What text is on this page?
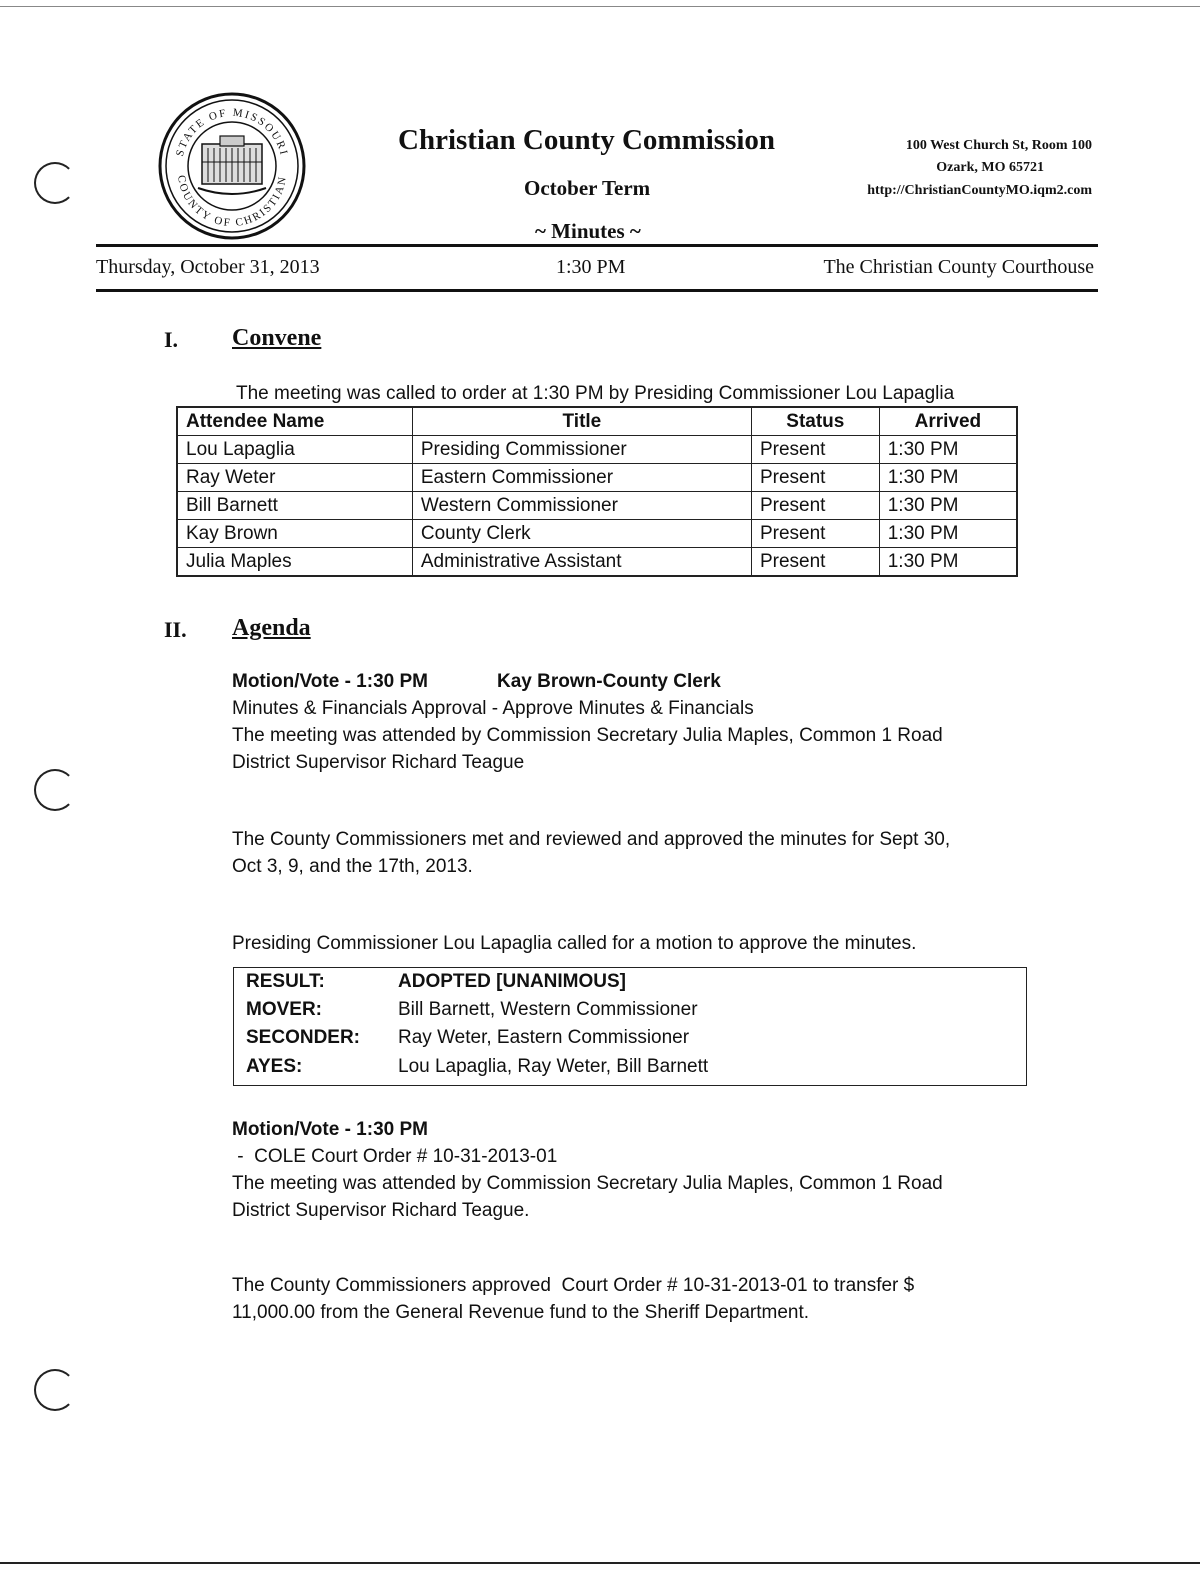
STATE OF MISSOURI
COUNTY OF CHRISTIAN
Christian County Commission
October Term
~ Minutes ~
100 West Church St, Room 100
Ozark, MO 65721
http://ChristianCountyMO.iqm2.com
Thursday, October 31, 2013	1:30 PM	The Christian County Courthouse
I. Convene
The meeting was called to order at 1:30 PM by Presiding Commissioner Lou Lapaglia
Attendee Name	Title	Status	Arrived
Lou Lapaglia	Presiding Commissioner	Present	1:30 PM
Ray Weter	Eastern Commissioner	Present	1:30 PM
Bill Barnett	Western Commissioner	Present	1:30 PM
Kay Brown	County Clerk	Present	1:30 PM
Julia Maples	Administrative Assistant	Present	1:30 PM
II. Agenda
Motion/Vote - 1:30 PM	Kay Brown-County Clerk
Minutes & Financials Approval - Approve Minutes & Financials
The meeting was attended by Commission Secretary Julia Maples, Common 1 Road
District Supervisor Richard Teague
The County Commissioners met and reviewed and approved the minutes for Sept 30,
Oct 3, 9, and the 17th, 2013.
Presiding Commissioner Lou Lapaglia called for a motion to approve the minutes.
RESULT:	ADOPTED [UNANIMOUS]
MOVER:	Bill Barnett, Western Commissioner
SECONDER: Ray Weter, Eastern Commissioner
AYES:	Lou Lapaglia, Ray Weter, Bill Barnett
Motion/Vote - 1:30 PM
-  COLE Court Order # 10-31-2013-01
The meeting was attended by Commission Secretary Julia Maples, Common 1 Road
District Supervisor Richard Teague.
The County Commissioners approved  Court Order # 10-31-2013-01 to transfer $
11,000.00 from the General Revenue fund to the Sheriff Department.
